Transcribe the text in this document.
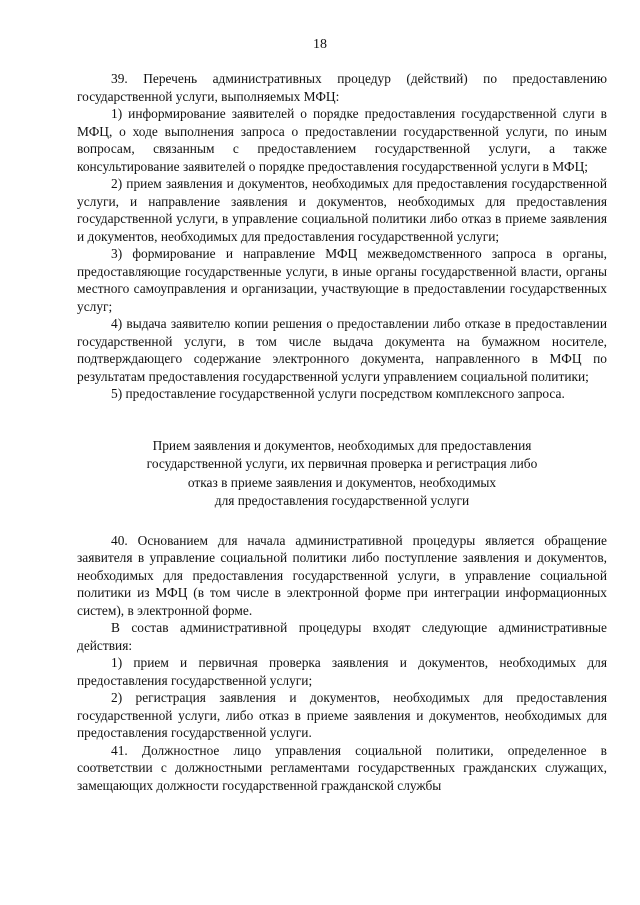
18

39. Перечень административных процедур (действий) по предоставлению государственной услуги, выполняемых МФЦ:

1) информирование заявителей о порядке предоставления государственной слуги в МФЦ, о ходе выполнения запроса о предоставлении государственной услуги, по иным вопросам, связанным с предоставлением государственной услуги, а также консультирование заявителей о порядке предоставления государственной услуги в МФЦ;

2) прием заявления и документов, необходимых для предоставления государственной услуги, и направление заявления и документов, необходимых для предоставления государственной услуги, в управление социальной политики либо отказ в приеме заявления и документов, необходимых для предоставления государственной услуги;

3) формирование и направление МФЦ межведомственного запроса в органы, предоставляющие государственные услуги, в иные органы государственной власти, органы местного самоуправления и организации, участвующие в предоставлении государственных услуг;

4) выдача заявителю копии решения о предоставлении либо отказе в предоставлении государственной услуги, в том числе выдача документа на бумажном носителе, подтверждающего содержание электронного документа, направленного в МФЦ по результатам предоставления государственной услуги управлением социальной политики;

5) предоставление государственной услуги посредством комплексного запроса.

Прием заявления и документов, необходимых для предоставления
государственной услуги, их первичная проверка и регистрация либо
отказ в приеме заявления и документов, необходимых
для предоставления государственной услуги

40. Основанием для начала административной процедуры является обращение заявителя в управление социальной политики либо поступление заявления и документов, необходимых для предоставления государственной услуги, в управление социальной политики из МФЦ (в том числе в электронной форме при интеграции информационных систем), в электронной форме.

В состав административной процедуры входят следующие административные действия:

1) прием и первичная проверка заявления и документов, необходимых для предоставления государственной услуги;

2) регистрация заявления и документов, необходимых для предоставления государственной услуги, либо отказ в приеме заявления и документов, необходимых для предоставления государственной услуги.

41. Должностное лицо управления социальной политики, определенное в соответствии с должностными регламентами государственных гражданских служащих, замещающих должности государственной гражданской службы
